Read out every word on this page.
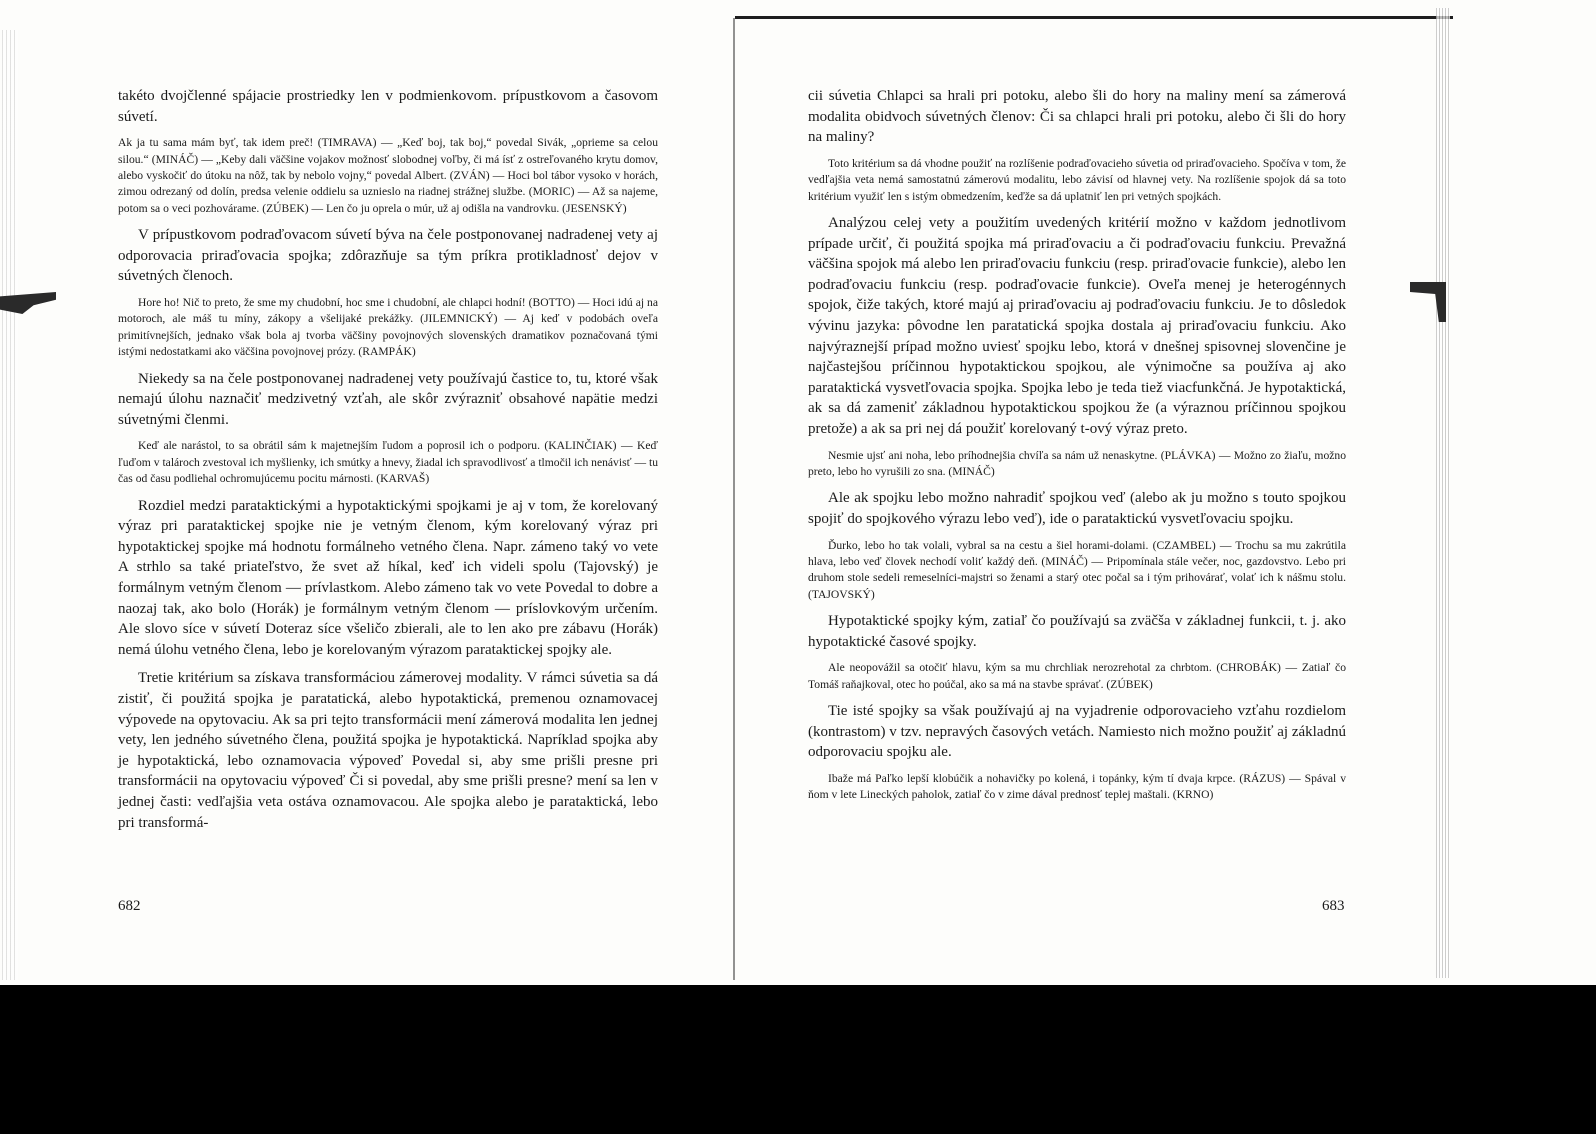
takéto dvojčlenné spájacie prostriedky len v podmienkovom. prípustkovom a časovom súvetí.

Ak ja tu sama mám byť, tak idem preč! (TIMRAVA) — „Keď boj, tak boj,“ povedal Sivák, „oprieme sa celou silou.“ (MINÁČ) — „Keby dali väčšine vojakov možnosť slobodnej voľby, či má ísť z ostreľovaného krytu domov, alebo vyskočiť do útoku na nôž, tak by nebolo vojny,“ povedal Albert. (ZVÁN) — Hoci bol tábor vysoko v horách, zimou odrezaný od dolín, predsa velenie oddielu sa uznieslo na riadnej strážnej službe. (MORIC) — Až sa najeme, potom sa o veci pozhovárame. (ZÚBEK) — Len čo ju oprela o múr, už aj odišla na vandrovku. (JESENSKÝ)

V prípustkovom podraďovacom súvetí býva na čele postponovanej nadradenej vety aj odporovacia priraďovacia spojka; zdôrazňuje sa tým príkra protikladnosť dejov v súvetných členoch.

Hore ho! Nič to preto, že sme my chudobní, hoc sme i chudobní, ale chlapci hodní! (BOTTO) — Hoci idú aj na motoroch, ale máš tu míny, zákopy a všelijaké prekážky. (JILEMNICKÝ) — Aj keď v podobách oveľa primitívnejších, jednako však bola aj tvorba väčšiny povojnových slovenských dramatikov poznačovaná tými istými nedostatkami ako väčšina povojnovej prózy. (RAMPÁK)

Niekedy sa na čele postponovanej nadradenej vety používajú častice to, tu, ktoré však nemajú úlohu naznačiť medzivetný vzťah, ale skôr zvýrazniť obsahové napätie medzi súvetnými členmi.

Keď ale narástol, to sa obrátil sám k majetnejším ľudom a poprosil ich o podporu. (KALINČIAK) — Keď ľuďom v talároch zvestoval ich myšlienky, ich smútky a hnevy, žiadal ich spravodlivosť a tlmočil ich nenávisť — tu čas od času podliehal ochromujúcemu pocitu márnosti. (KARVAŠ)

Rozdiel medzi parataktickými a hypotaktickými spojkami je aj v tom, že korelovaný výraz pri parataktickej spojke nie je vetným členom, kým korelovaný výraz pri hypotaktickej spojke má hodnotu formálneho vetného člena. Napr. zámeno taký vo vete A strhlo sa také priateľstvo, že svet až híkal, keď ich videli spolu (Tajovský) je formálnym vetným členom — prívlastkom. Alebo zámeno tak vo vete Povedal to dobre a naozaj tak, ako bolo (Horák) je formálnym vetným členom — príslovkovým určením. Ale slovo síce v súvetí Doteraz síce všeličo zbierali, ale to len ako pre zábavu (Horák) nemá úlohu vetného člena, lebo je korelovaným výrazom parataktickej spojky ale.

Tretie kritérium sa získava transformáciou zámerovej modality. V rámci súvetia sa dá zistiť, či použitá spojka je paratatická, alebo hypotaktická, premenou oznamovacej výpovede na opytovaciu. Ak sa pri tejto transformácii mení zámerová modalita len jednej vety, len jedného súvetného člena, použitá spojka je hypotaktická. Napríklad spojka aby je hypotaktická, lebo oznamovacia výpoveď Povedal si, aby sme prišli presne pri transformácii na opytovaciu výpoveď Či si povedal, aby sme prišli presne? mení sa len v jednej časti: vedľajšia veta ostáva oznamovacou. Ale spojka alebo je parataktická, lebo pri transformá-

682

cii súvetia Chlapci sa hrali pri potoku, alebo šli do hory na maliny mení sa zámerová modalita obidvoch súvetných členov: Či sa chlapci hrali pri potoku, alebo či šli do hory na maliny?

Toto kritérium sa dá vhodne použiť na rozlíšenie podraďovacieho súvetia od priraďovacieho. Spočíva v tom, že vedľajšia veta nemá samostatnú zámerovú modalitu, lebo závisí od hlavnej vety. Na rozlíšenie spojok dá sa toto kritérium využiť len s istým obmedzením, keďže sa dá uplatniť len pri vetných spojkách.

Analýzou celej vety a použitím uvedených kritérií možno v každom jednotlivom prípade určiť, či použitá spojka má priraďovaciu a či podraďovaciu funkciu. Prevažná väčšina spojok má alebo len priraďovaciu funkciu (resp. priraďovacie funkcie), alebo len podraďovaciu funkciu (resp. podraďovacie funkcie). Oveľa menej je heterogénnych spojok, čiže takých, ktoré majú aj priraďovaciu aj podraďovaciu funkciu. Je to dôsledok vývinu jazyka: pôvodne len paratatická spojka dostala aj priraďovaciu funkciu. Ako najvýraznejší prípad možno uviesť spojku lebo, ktorá v dnešnej spisovnej slovenčine je najčastejšou príčinnou hypotaktickou spojkou, ale výnimočne sa používa aj ako parataktická vysvetľovacia spojka. Spojka lebo je teda tiež viacfunkčná. Je hypotaktická, ak sa dá zameniť základnou hypotaktickou spojkou že (a výraznou príčinnou spojkou pretože) a ak sa pri nej dá použiť korelovaný t-ový výraz preto.

Nesmie ujsť ani noha, lebo príhodnejšia chvíľa sa nám už nenaskytne. (PLÁVKA) — Možno zo žiaľu, možno preto, lebo ho vyrušili zo sna. (MINÁČ)

Ale ak spojku lebo možno nahradiť spojkou veď (alebo ak ju možno s touto spojkou spojiť do spojkového výrazu lebo veď), ide o parataktickú vysvetľovaciu spojku.

Ďurko, lebo ho tak volali, vybral sa na cestu a šiel horami-dolami. (CZAMBEL) — Trochu sa mu zakrútila hlava, lebo veď človek nechodí voliť každý deň. (MINÁČ) — Pripomínala stále večer, noc, gazdovstvo. Lebo pri druhom stole sedeli remeselníci-majstri so ženami a starý otec počal sa i tým prihovárať, volať ich k nášmu stolu. (TAJOVSKÝ)

Hypotaktické spojky kým, zatiaľ čo používajú sa zväčša v základnej funkcii, t. j. ako hypotaktické časové spojky.

Ale neopovážil sa otočiť hlavu, kým sa mu chrchliak nerozrehotal za chrbtom. (CHROBÁK) — Zatiaľ čo Tomáš raňajkoval, otec ho poúčal, ako sa má na stavbe správať. (ZÚBEK)

Tie isté spojky sa však používajú aj na vyjadrenie odporovacieho vzťahu rozdielom (kontrastom) v tzv. nepravých časových vetách. Namiesto nich možno použiť aj základnú odporovaciu spojku ale.

Ibaže má Paľko lepší klobúčik a nohavičky po kolená, i topánky, kým tí dvaja krpce. (RÁZUS) — Spával v ňom v lete Lineckých paholok, zatiaľ čo v zime dával prednosť teplej maštali. (KRNO)

683
